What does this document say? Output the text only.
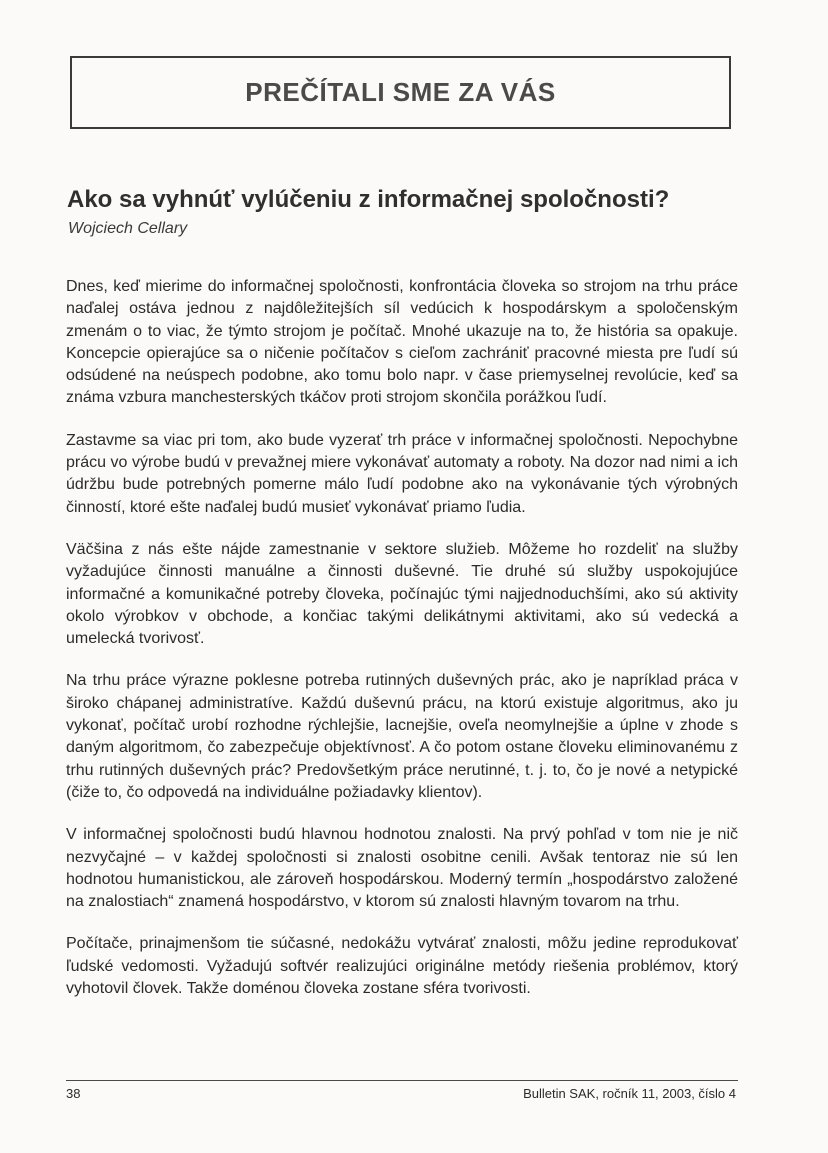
PREČÍTALI SME ZA VÁS
Ako sa vyhnúť vylúčeniu z informačnej spoločnosti?

Wojciech Cellary

Dnes, keď mierime do informačnej spoločnosti, konfrontácia človeka so strojom na trhu práce naďalej ostáva jednou z najdôležitejších síl vedúcich k hospodárskym a spoločenským zmenám o to viac, že týmto strojom je počítač. Mnohé ukazuje na to, že história sa opakuje. Koncepcie opierajúce sa o ničenie počítačov s cieľom zachrániť pracovné miesta pre ľudí sú odsúdené na neúspech podobne, ako tomu bolo napr. v čase priemyselnej revolúcie, keď sa známa vzbura manchesterských tkáčov proti strojom skončila porážkou ľudí.

Zastavme sa viac pri tom, ako bude vyzerať trh práce v informačnej spoločnosti. Nepochybne prácu vo výrobe budú v prevažnej miere vykonávať automaty a roboty. Na dozor nad nimi a ich údržbu bude potrebných pomerne málo ľudí podobne ako na vykonávanie tých výrobných činností, ktoré ešte naďalej budú musieť vykonávať priamo ľudia.

Väčšina z nás ešte nájde zamestnanie v sektore služieb. Môžeme ho rozdeliť na služby vyžadujúce činnosti manuálne a činnosti duševné. Tie druhé sú služby uspokojujúce informačné a komunikačné potreby človeka, počínajúc tými najjednoduchšími, ako sú aktivity okolo výrobkov v obchode, a končiac takými delikátnymi aktivitami, ako sú vedecká a umelecká tvorivosť.

Na trhu práce výrazne poklesne potreba rutinných duševných prác, ako je napríklad práca v široko chápanej administratíve. Každú duševnú prácu, na ktorú existuje algoritmus, ako ju vykonať, počítač urobí rozhodne rýchlejšie, lacnejšie, oveľa neomylnejšie a úplne v zhode s daným algoritmom, čo zabezpečuje objektívnosť. A čo potom ostane človeku eliminovanému z trhu rutinných duševných prác? Predovšetkým práce nerutinné, t. j. to, čo je nové a netypické (čiže to, čo odpovedá na individuálne požiadavky klientov).

V informačnej spoločnosti budú hlavnou hodnotou znalosti. Na prvý pohľad v tom nie je nič nezvyčajné – v každej spoločnosti si znalosti osobitne cenili. Avšak tentoraz nie sú len hodnotou humanistickou, ale zároveň hospodárskou. Moderný termín „hospodárstvo založené na znalostiach“ znamená hospodárstvo, v ktorom sú znalosti hlavným tovarom na trhu.

Počítače, prinajmenšom tie súčasné, nedokážu vytvárať znalosti, môžu jedine reprodukovať ľudské vedomosti. Vyžadujú softvér realizujúci originálne metódy riešenia problémov, ktorý vyhotovil človek. Takže doménou človeka zostane sféra tvorivosti.

38	Bulletin SAK, ročník 11, 2003, číslo 4
